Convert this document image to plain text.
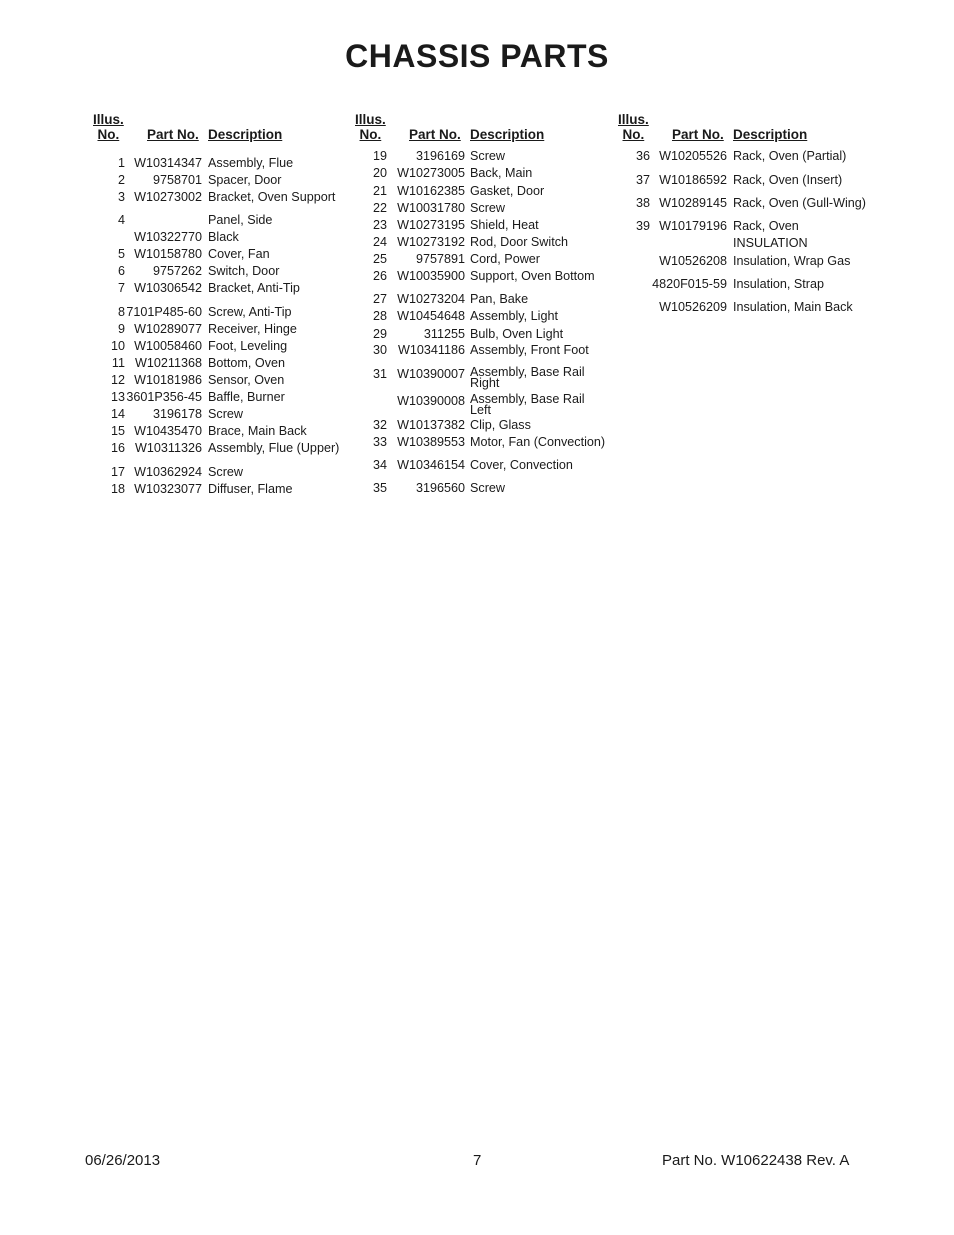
CHASSIS PARTS
Illus.
No.	Part No. Description
1 W10314347 Assembly, Flue
2 9758701 Spacer, Door
3 W10273002 Bracket, Oven Support
4	Panel, Side
W10322770 Black
5 W10158780 Cover, Fan
6 9757262 Switch, Door
7 W10306542 Bracket, Anti-Tip
8 7101P485-60 Screw, Anti-Tip
9 W10289077 Receiver, Hinge
10 W10058460 Foot, Leveling
11 W10211368 Bottom, Oven
12 W10181986 Sensor, Oven
13 3601P356-45 Baffle, Burner
14 3196178 Screw
15 W10435470 Brace, Main Back
16 W10311326 Assembly, Flue (Upper)
17 W10362924 Screw
18 W10323077 Diffuser, Flame
Illus.
No.	Part No. Description
19 3196169 Screw
20 W10273005 Back, Main
21 W10162385 Gasket, Door
22 W10031780 Screw
23 W10273195 Shield, Heat
24 W10273192 Rod, Door Switch
25 9757891 Cord, Power
26 W10035900 Support, Oven Bottom
27 W10273204 Pan, Bake
28 W10454648 Assembly, Light
29	311255 Bulb, Oven Light
30 W10341186 Assembly, Front Foot
31 W10390007 Assembly, Base Rail Right
W10390008 Assembly, Base Rail Left
32 W10137382 Clip, Glass
33 W10389553 Motor, Fan (Convection)
34 W10346154 Cover, Convection
35 3196560 Screw
Illus.
No.	Part No. Description
36 W10205526 Rack, Oven (Partial)
37 W10186592 Rack, Oven (Insert)
38 W10289145 Rack, Oven (Gull-Wing)
39 W10179196 Rack, Oven
INSULATION
W10526208 Insulation, Wrap Gas
4820F015-59 Insulation, Strap
W10526209 Insulation, Main Back
06/26/2013	7	Part No. W10622438 Rev. A
